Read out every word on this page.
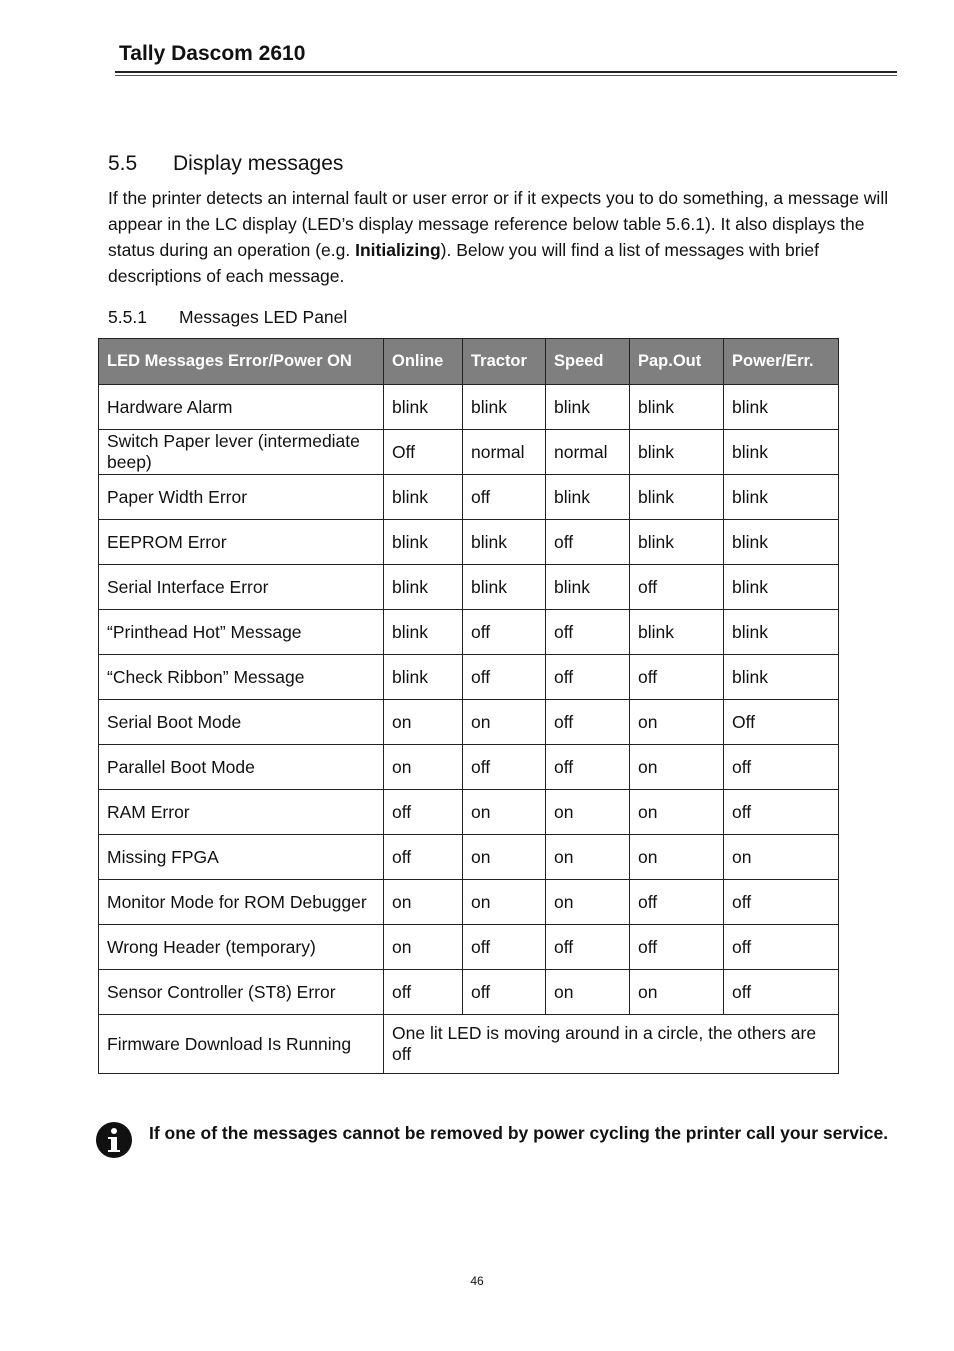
Tally Dascom 2610
5.5 Display messages

If the printer detects an internal fault or user error or if it expects you to do something, a message will appear in the LC display (LED’s display message reference below table 5.6.1). It also displays the status during an operation (e.g. Initializing). Below you will find a list of messages with brief descriptions of each message.

5.5.1 Messages LED Panel
LED Messages Error/Power ON	Online	Tractor	Speed	Pap.Out	Power/Err.
Hardware Alarm	blink	blink	blink	blink	blink
Switch Paper lever (intermediate beep)	Off	normal	normal	blink	blink
Paper Width Error	blink	off	blink	blink	blink
EEPROM Error	blink	blink	off	blink	blink
Serial Interface Error	blink	blink	blink	off	blink
“Printhead Hot” Message	blink	off	off	blink	blink
“Check Ribbon” Message	blink	off	off	off	blink
Serial Boot Mode	on	on	off	on	Off
Parallel Boot Mode	on	off	off	on	off
RAM Error	off	on	on	on	off
Missing FPGA	off	on	on	on	on
Monitor Mode for ROM Debugger	on	on	on	off	off
Wrong Header (temporary)	on	off	off	off	off
Sensor Controller (ST8) Error	off	off	on	on	off
Firmware Download Is Running	One lit LED is moving around in a circle, the others are off				

If one of the messages cannot be removed by power cycling the printer call your service.

46
